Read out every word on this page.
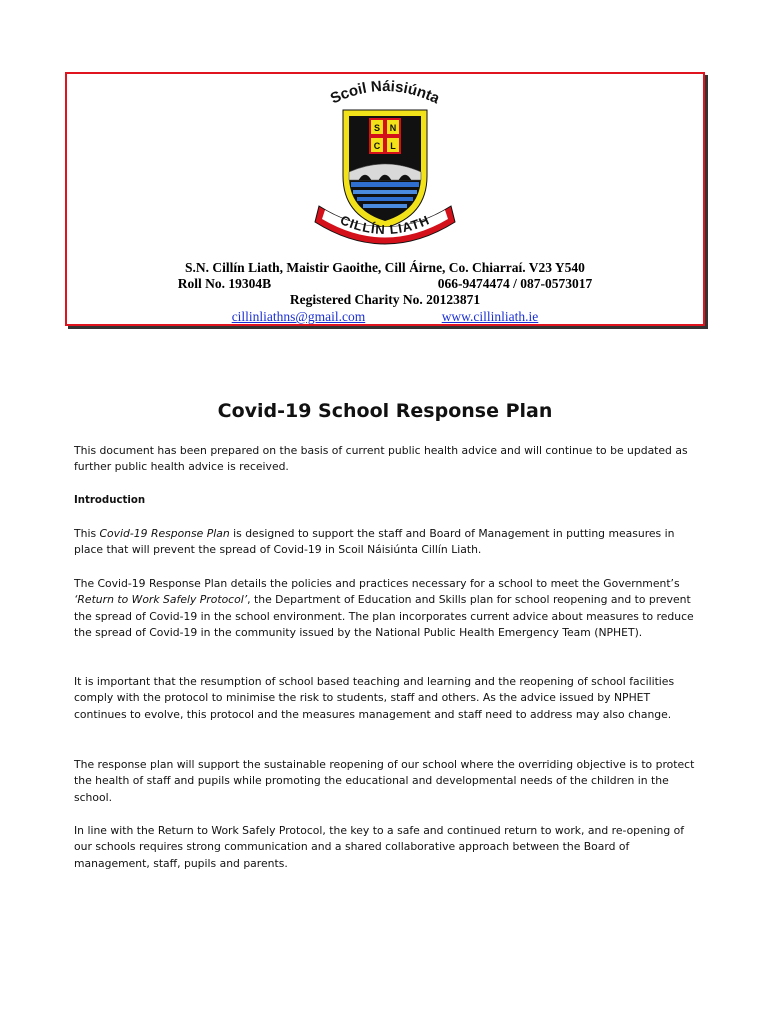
Scoil Náisiúnta
S N
C L
CILLÍN LIATH
S.N. Cillín Liath, Maistir Gaoithe, Cill Áirne, Co. Chiarraí. V23 Y540
Roll No. 19304B	066-9474474 / 087-0573017
Registered Charity No. 20123871
cillinliathns@gmail.com	www.cillinliath.ie
Covid-19 School Response Plan
This document has been prepared on the basis of current public health advice and will continue to be updated as further public health advice is received.
Introduction
This Covid-19 Response Plan is designed to support the staff and Board of Management in putting measures in place that will prevent the spread of Covid-19 in Scoil Náisiúnta Cillín Liath.
The Covid-19 Response Plan details the policies and practices necessary for a school to meet the Government’s ‘Return to Work Safely Protocol’, the Department of Education and Skills plan for school reopening and to prevent the spread of Covid-19 in the school environment. The plan incorporates current advice about measures to reduce the spread of Covid-19 in the community issued by the National Public Health Emergency Team (NPHET).
It is important that the resumption of school based teaching and learning and the reopening of school facilities comply with the protocol to minimise the risk to students, staff and others. As the advice issued by NPHET continues to evolve, this protocol and the measures management and staff need to address may also change.
The response plan will support the sustainable reopening of our school where the overriding objective is to protect the health of staff and pupils while promoting the educational and developmental needs of the children in the school.
In line with the Return to Work Safely Protocol, the key to a safe and continued return to work, and re-opening of our schools requires strong communication and a shared collaborative approach between the Board of management, staff, pupils and parents.
